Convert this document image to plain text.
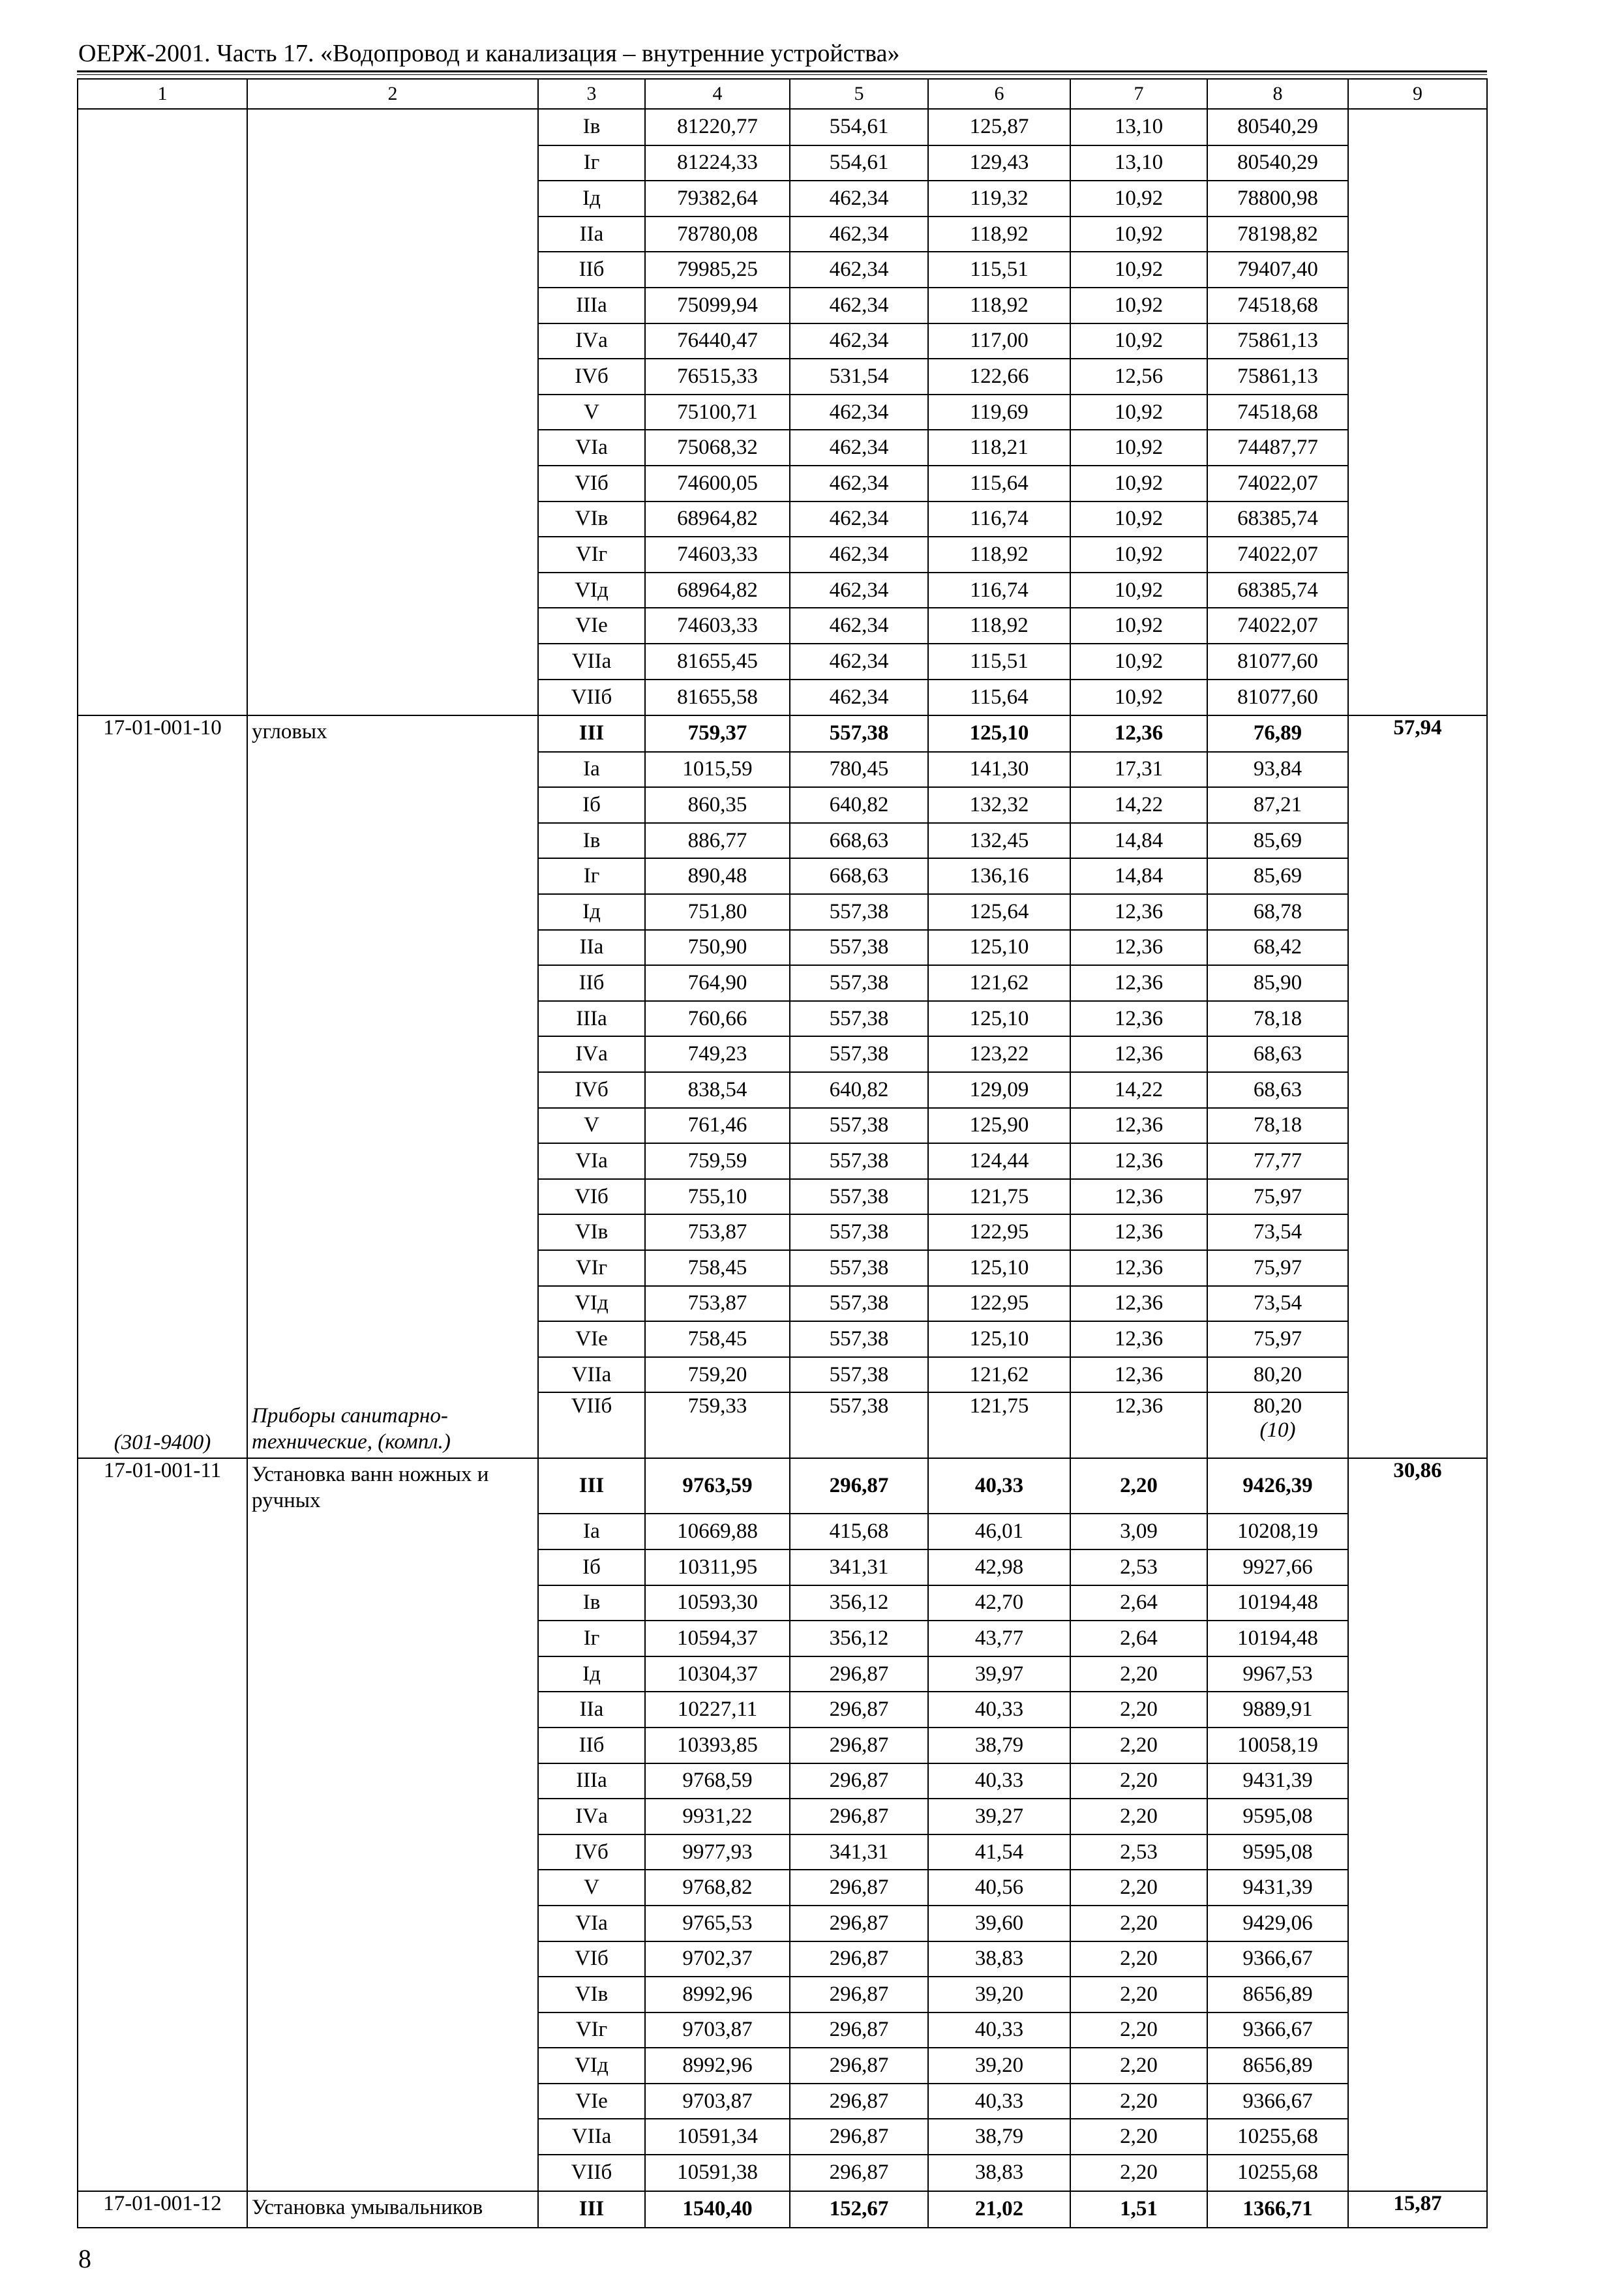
ОЕРЖ-2001. Часть 17. «Водопровод и канализация – внутренние устройства»
1	2	3	4	5	6	7	8	9
		Iв	81220,77	554,61	125,87	13,10	80540,29	
		Iг	81224,33	554,61	129,43	13,10	80540,29	
		Iд	79382,64	462,34	119,32	10,92	78800,98	
		IIа	78780,08	462,34	118,92	10,92	78198,82	
		IIб	79985,25	462,34	115,51	10,92	79407,40	
		IIIа	75099,94	462,34	118,92	10,92	74518,68	
		IVа	76440,47	462,34	117,00	10,92	75861,13	
		IVб	76515,33	531,54	122,66	12,56	75861,13	
		V	75100,71	462,34	119,69	10,92	74518,68	
		VIа	75068,32	462,34	118,21	10,92	74487,77	
		VIб	74600,05	462,34	115,64	10,92	74022,07	
		VIв	68964,82	462,34	116,74	10,92	68385,74	
		VIг	74603,33	462,34	118,92	10,92	74022,07	
		VIд	68964,82	462,34	116,74	10,92	68385,74	
		VIе	74603,33	462,34	118,92	10,92	74022,07	
		VIIа	81655,45	462,34	115,51	10,92	81077,60	
		VIIб	81655,58	462,34	115,64	10,92	81077,60	
17-01-001-10	угловых	III	759,37	557,38	125,10	12,36	76,89	57,94
		Iа	1015,59	780,45	141,30	17,31	93,84	
		Iб	860,35	640,82	132,32	14,22	87,21	
		Iв	886,77	668,63	132,45	14,84	85,69	
		Iг	890,48	668,63	136,16	14,84	85,69	
		Iд	751,80	557,38	125,64	12,36	68,78	
		IIа	750,90	557,38	125,10	12,36	68,42	
		IIб	764,90	557,38	121,62	12,36	85,90	
		IIIа	760,66	557,38	125,10	12,36	78,18	
		IVа	749,23	557,38	123,22	12,36	68,63	
		IVб	838,54	640,82	129,09	14,22	68,63	
		V	761,46	557,38	125,90	12,36	78,18	
		VIа	759,59	557,38	124,44	12,36	77,77	
		VIб	755,10	557,38	121,75	12,36	75,97	
		VIв	753,87	557,38	122,95	12,36	73,54	
		VIг	758,45	557,38	125,10	12,36	75,97	
		VIд	753,87	557,38	122,95	12,36	73,54	
		VIе	758,45	557,38	125,10	12,36	75,97	
		VIIа	759,20	557,38	121,62	12,36	80,20	
(301-9400)	Приборы санитарно-технические, (компл.)	VIIб	759,33	557,38	121,75	12,36	80,20
(10)	

17-01-001-11	Установка ванн ножных и ручных	III	9763,59	296,87	40,33	2,20	9426,39	30,86
		Iа	10669,88	415,68	46,01	3,09	10208,19	
		Iб	10311,95	341,31	42,98	2,53	9927,66	
		Iв	10593,30	356,12	42,70	2,64	10194,48	
		Iг	10594,37	356,12	43,77	2,64	10194,48	
		Iд	10304,37	296,87	39,97	2,20	9967,53	
		IIа	10227,11	296,87	40,33	2,20	9889,91	
		IIб	10393,85	296,87	38,79	2,20	10058,19	
		IIIа	9768,59	296,87	40,33	2,20	9431,39	
		IVа	9931,22	296,87	39,27	2,20	9595,08	
		IVб	9977,93	341,31	41,54	2,53	9595,08	
		V	9768,82	296,87	40,56	2,20	9431,39	
		VIа	9765,53	296,87	39,60	2,20	9429,06	
		VIб	9702,37	296,87	38,83	2,20	9366,67	
		VIв	8992,96	296,87	39,20	2,20	8656,89	
		VIг	9703,87	296,87	40,33	2,20	9366,67	
		VIд	8992,96	296,87	39,20	2,20	8656,89	
		VIе	9703,87	296,87	40,33	2,20	9366,67	
		VIIа	10591,34	296,87	38,79	2,20	10255,68	
		VIIб	10591,38	296,87	38,83	2,20	10255,68	
17-01-001-12	Установка умывальников	III	1540,40	152,67	21,02	1,51	1366,71	15,87
8
